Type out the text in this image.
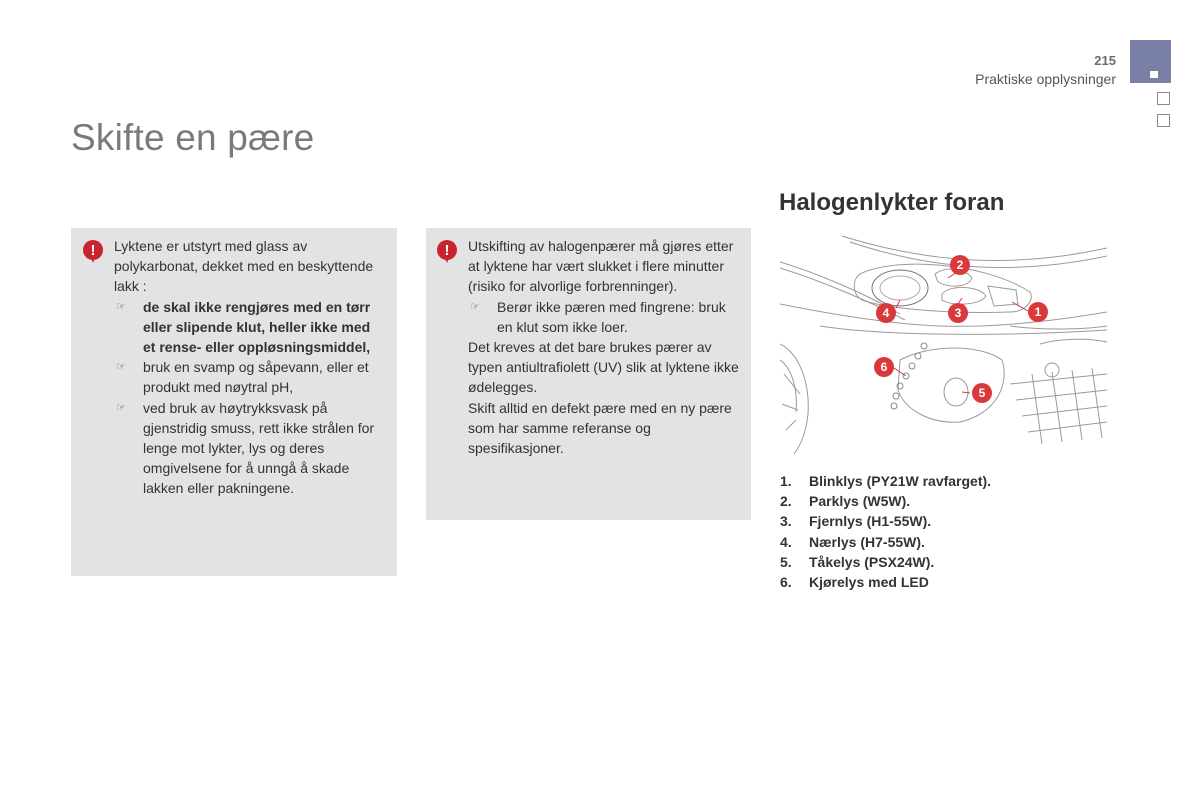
215
Praktiske opplysninger
Skifte en pære
!	Lyktene er utstyrt med glass av polykarbonat, dekket med en beskyttende lakk :

☞ de skal ikke rengjøres med en tørr eller slipende klut, heller ikke med et rense- eller oppløsningsmiddel,
☞ bruk en svamp og såpevann, eller et produkt med nøytral pH,
☞ ved bruk av høytrykksvask på gjenstridig smuss, rett ikke strålen for lenge mot lykter, lys og deres omgivelsene for å unngå å skade lakken eller pakningene.
!	Utskifting av halogenpærer må gjøres etter at lyktene har vært slukket i flere minutter (risiko for alvorlige forbrenninger).

☞ Berør ikke pæren med fingrene: bruk en klut som ikke loer.

Det kreves at det bare brukes pærer av typen antiultrafiolett (UV) slik at lyktene ikke ødelegges.

Skift alltid en defekt pære med en ny pære som har samme referanse og spesifikasjoner.

Halogenlykter foran
2
1
3
4
6
5
1.	Blinklys (PY21W ravfarget).
2.	Parklys (W5W).
3.	Fjernlys (H1-55W).
4.	Nærlys (H7-55W).
5.	Tåkelys (PSX24W).
6.	Kjørelys med LED
